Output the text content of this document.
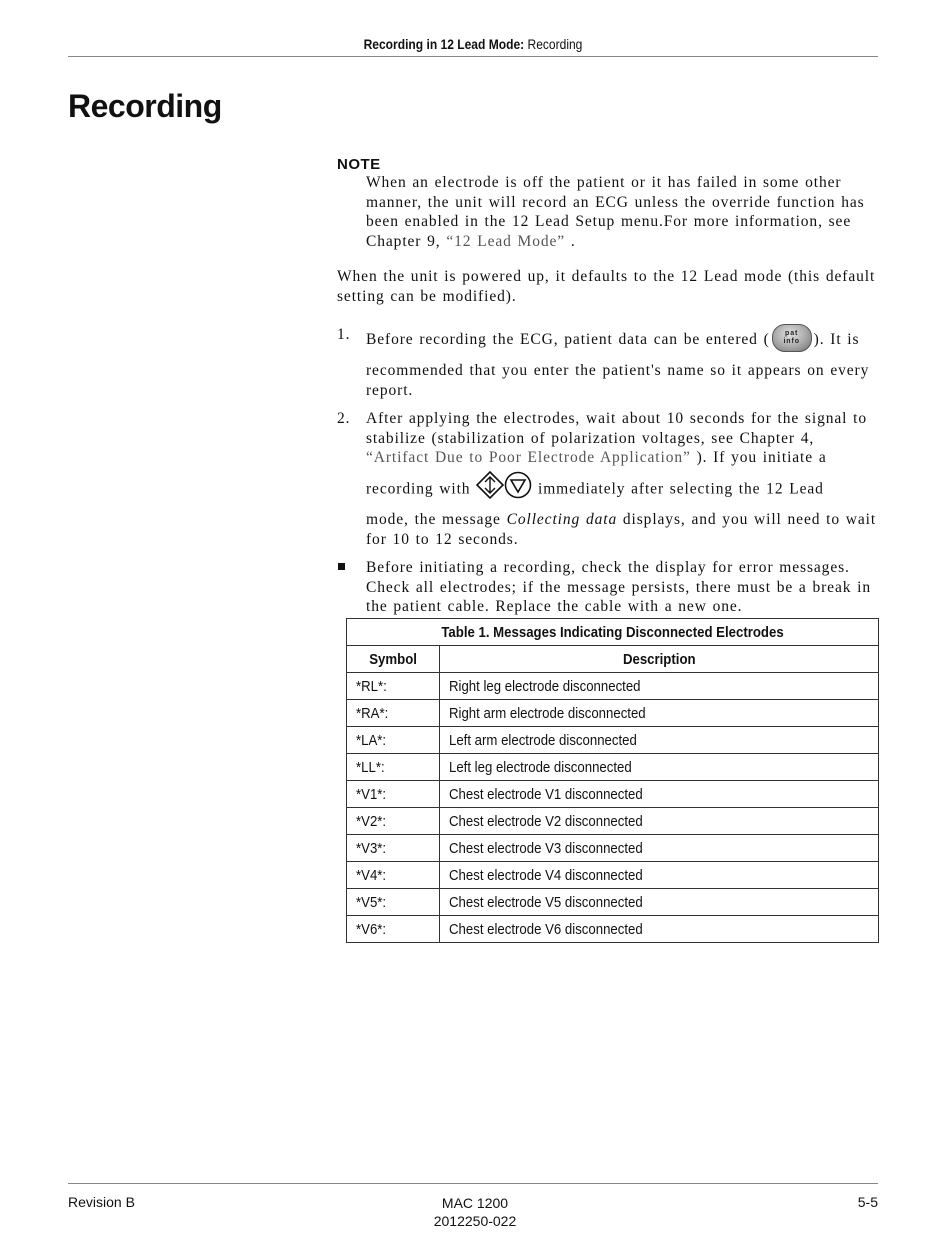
Recording in 12 Lead Mode: Recording
Recording
NOTE

When an electrode is off the patient or it has failed in some other manner, the unit will record an ECG unless the override function has been enabled in the 12 Lead Setup menu.For more information, see Chapter 9, “12 Lead Mode” .

When the unit is powered up, it defaults to the 12 Lead mode (this default setting can be modified).

1. Before recording the ECG, patient data can be entered (	pat
info ). It is

recommended that you enter the patient's name so it appears on every report.

2. After applying the electrodes, wait about 10 seconds for the signal to stabilize (stabilization of polarization voltages, see Chapter 4, “Artifact Due to Poor Electrode Application” ). If you initiate a

recording with	immediately after selecting the 12 Lead

mode, the message Collecting data displays, and you will need to wait for 10 to 12 seconds.

Before initiating a recording, check the display for error messages. Check all electrodes; if the message persists, there must be a break in the patient cable. Replace the cable with a new one.

Table 1. Messages Indicating Disconnected Electrodes	
Symbol	Description
*RL*:	Right leg electrode disconnected
*RA*:	Right arm electrode disconnected
*LA*:	Left arm electrode disconnected
*LL*:	Left leg electrode disconnected
*V1*:	Chest electrode V1 disconnected
*V2*:	Chest electrode V2 disconnected
*V3*:	Chest electrode V3 disconnected
*V4*:	Chest electrode V4 disconnected
*V5*:	Chest electrode V5 disconnected
*V6*:	Chest electrode V6 disconnected
Revision B	MAC 1200
2012250-022
5-5
